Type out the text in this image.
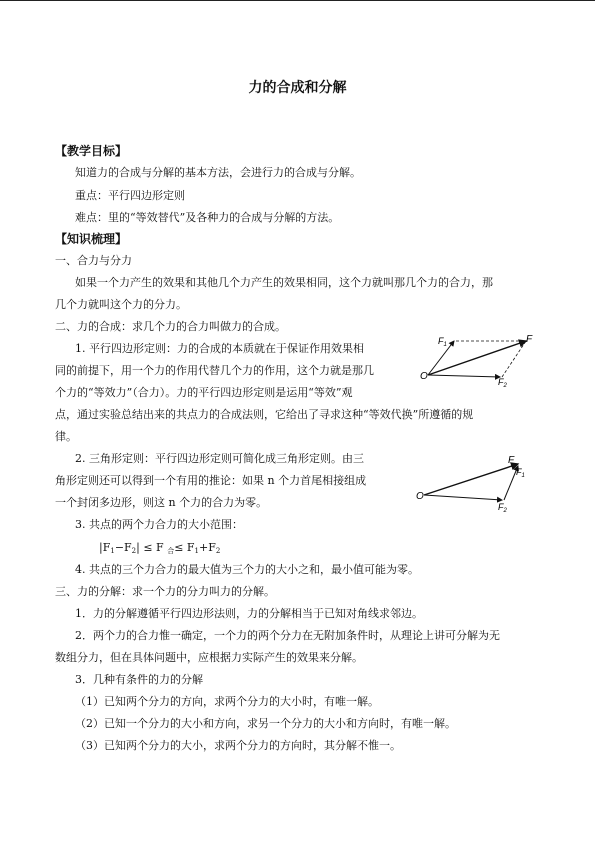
力的合成和分解
【教学目标】
知道力的合成与分解的基本方法，会进行力的合成与分解。
重点：平行四边形定则
难点：里的“等效替代”及各种力的合成与分解的方法。
【知识梳理】
一、合力与分力
如果一个力产生的效果和其他几个力产生的效果相同，这个力就叫那几个力的合力，那
几个力就叫这个力的分力。
二、力的合成：求几个力的合力叫做力的合成。
1. 平行四边形定则：力的合成的本质就在于保证作用效果相
同的前提下，用一个力的作用代替几个力的作用，这个力就是那几
个力的“等效力”（合力）。力的平行四边形定则是运用“等效”观
点，通过实验总结出来的共点力的合成法则，它给出了寻求这种“等效代换”所遵循的规
律。
2. 三角形定则：平行四边形定则可简化成三角形定则。由三
角形定则还可以得到一个有用的推论：如果 n 个力首尾相接组成
一个封闭多边形，则这 n 个力的合力为零。
3. 共点的两个力合力的大小范围：
|F1−F2| ≤ F 合≤ F1+F2
4. 共点的三个力合力的最大值为三个力的大小之和，最小值可能为零。
三、力的分解：求一个力的分力叫力的分解。
1．力的分解遵循平行四边形法则，力的分解相当于已知对角线求邻边。
2．两个力的合力惟一确定，一个力的两个分力在无附加条件时，从理论上讲可分解为无
数组分力，但在具体问题中，应根据力实际产生的效果来分解。
3．几种有条件的力的分解
（1）已知两个分力的方向，求两个分力的大小时，有唯一解。
（2）已知一个分力的大小和方向，求另一个分力的大小和方向时，有唯一解。
（3）已知两个分力的大小，求两个分力的方向时，其分解不惟一。
O
$F_1$	F
$F_2$
O
F
$F_1$
$F_2$
